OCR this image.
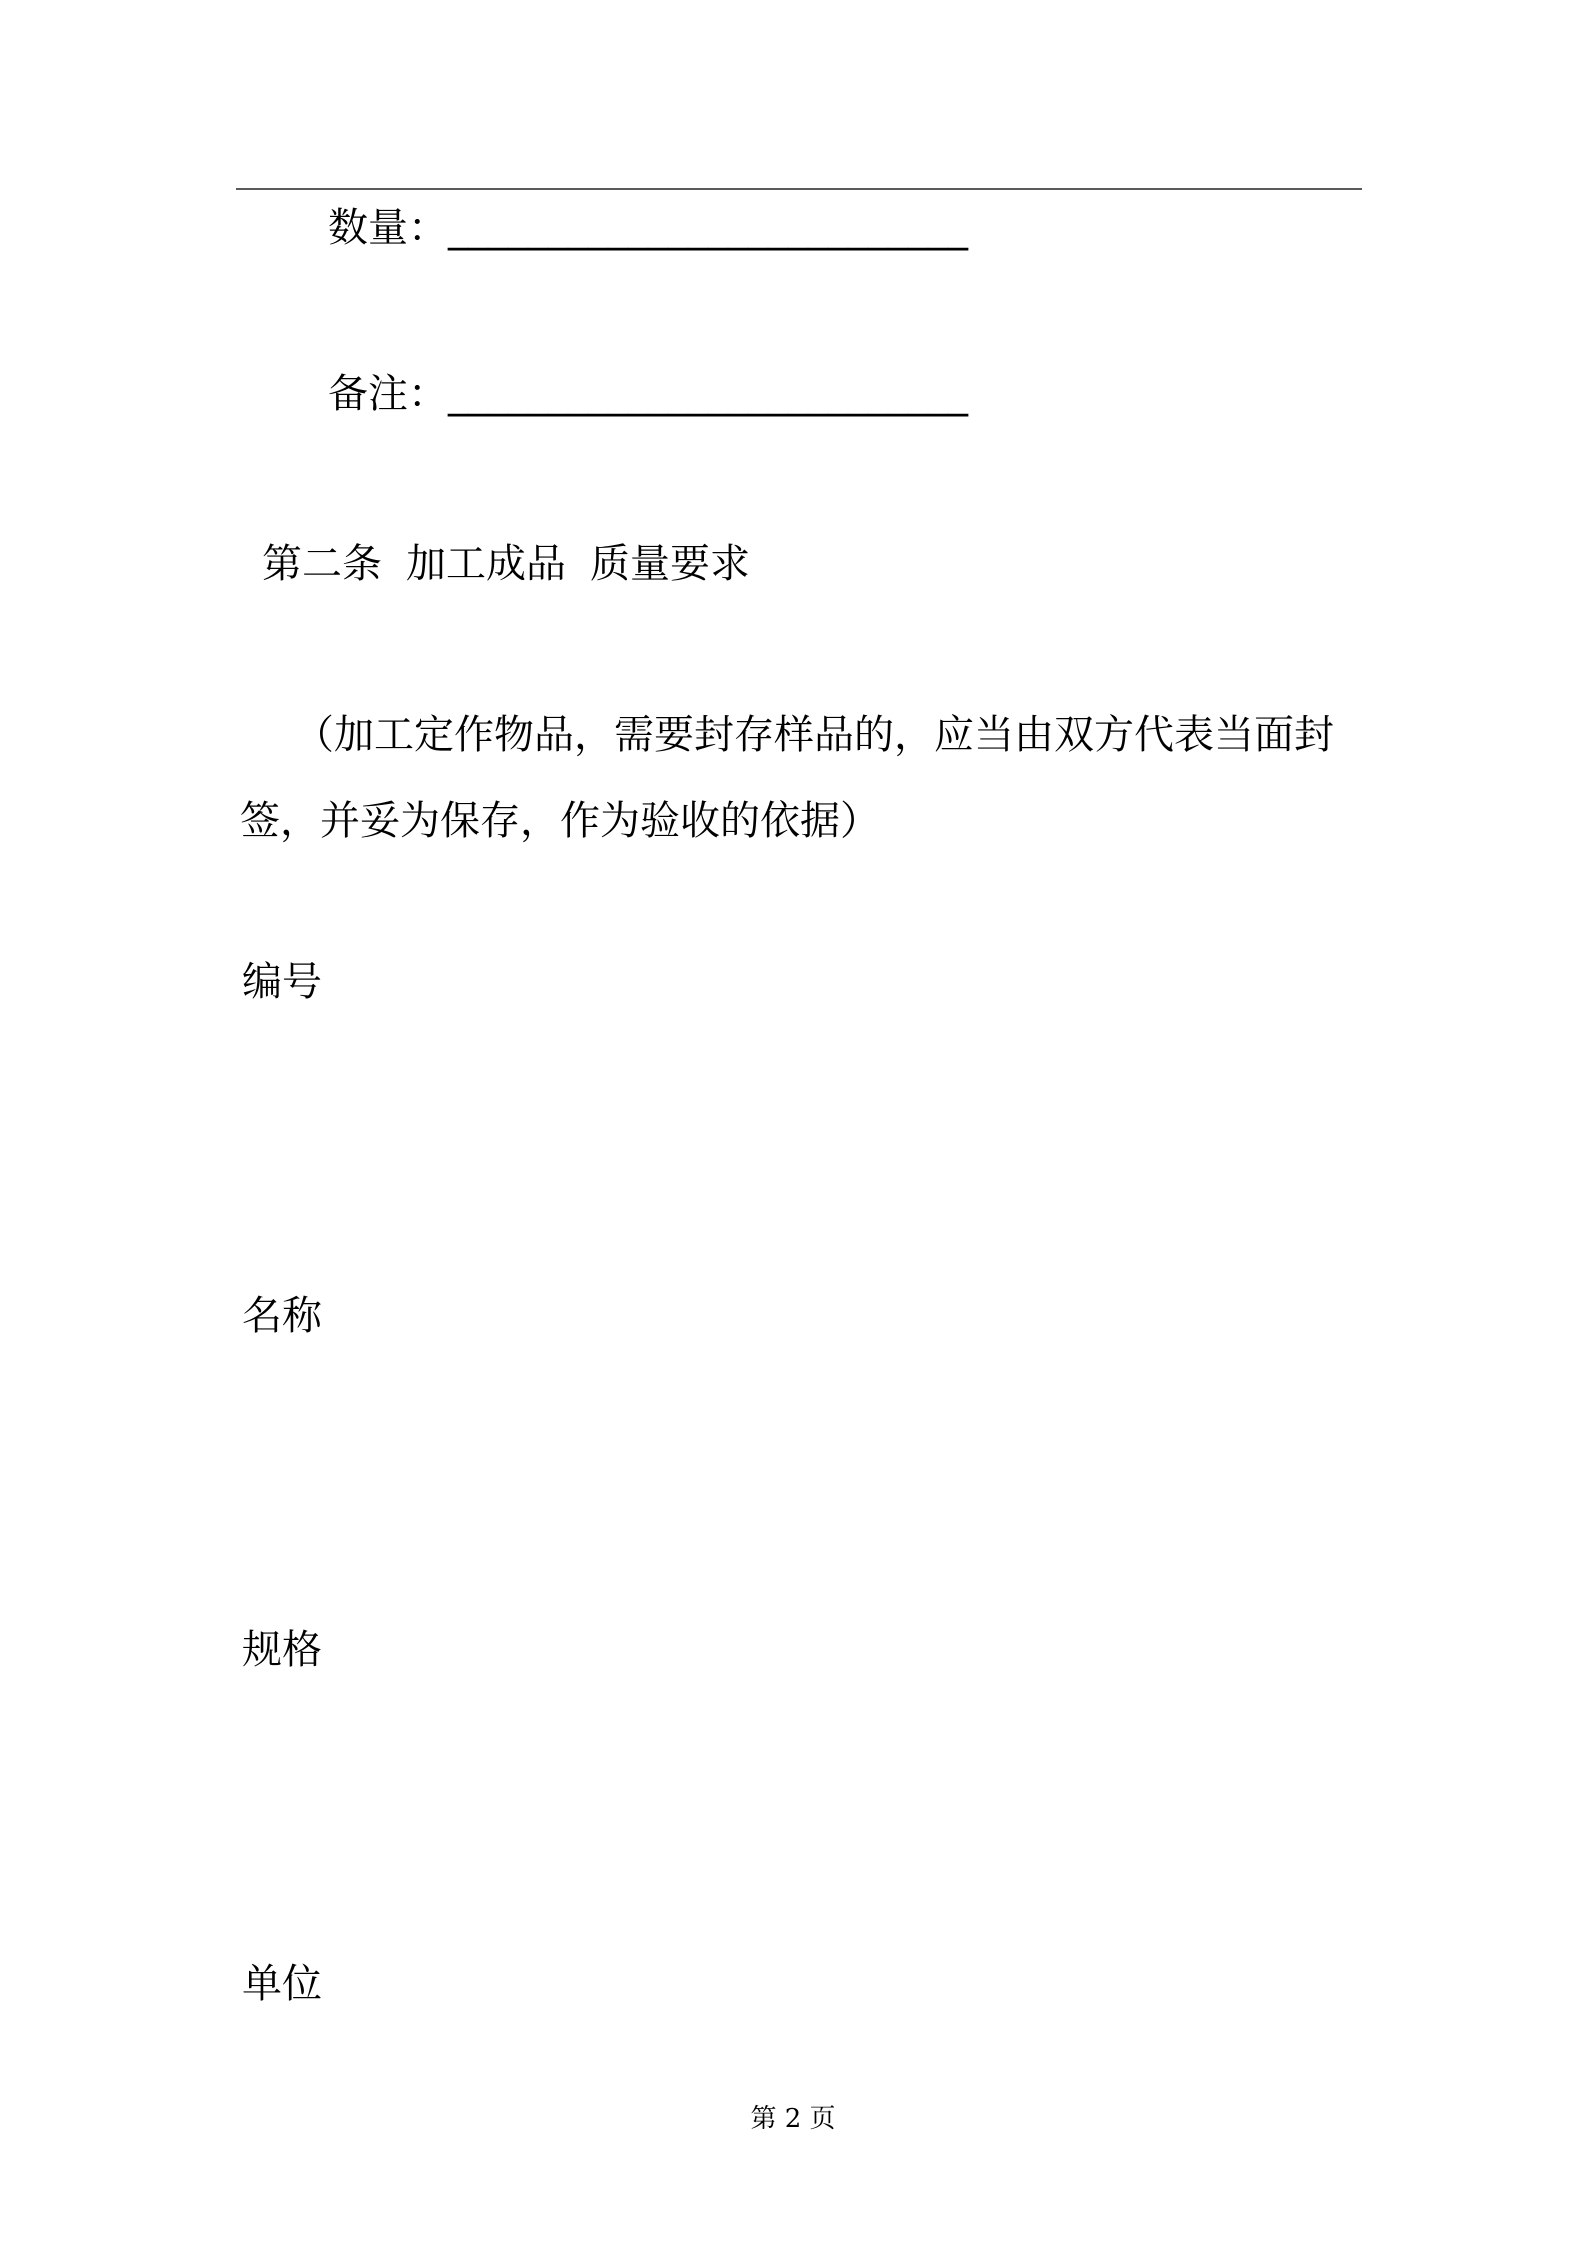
数量：__________________________
备注：__________________________
第二条 加工成品 质量要求
（加工定作物品，需要封存样品的，应当由双方代表当面封签，并妥为保存，作为验收的依据）
编号
名称
规格
单位
第 2 页
